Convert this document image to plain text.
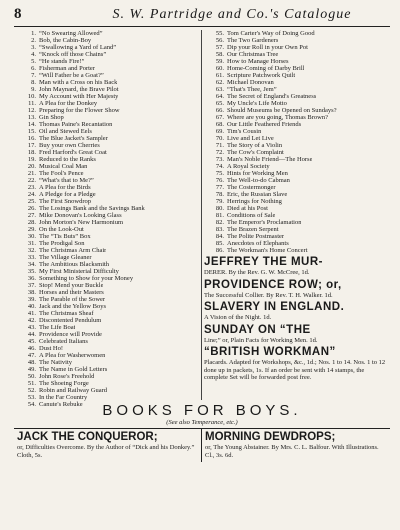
8	S. W. Partridge and Co.'s Catalogue
1. “No Swearing Allowed”
2. Bob, the Cabin-Boy
3. “Swallowing a Yard of Land”
4. “Knock off those Chains”
5. “He stands Fire!”
6. Fisherman and Porter
7. “Will Father be a Goat?”
8. Man with a Cross on his Back
9. John Maynard, the Brave Pilot
10. My Account with Her Majesty
11. A Plea for the Donkey
12. Preparing for the Flower Show
13. Gin Shop
14. Thomas Paine's Recantation
15. Oil and Stewed Eels
16. The Blue Jacket's Sampler
17. Buy your own Cherries
18. Fred Harford's Great Coat
19. Reduced to the Ranks
20. Musical Coal Man
21. The Fool's Pence
22. “What's that to Me?”
23. A Plea for the Birds
24. A Pledge for a Pledge
25. The First Snowdrop
26. The Losings Bank and the Savings Bank
27. Mike Donovan's Looking Glass
28. John Morton's New Harmonium
29. On the Look-Out
30. The “Tis Buts” Box
31. The Prodigal Son
32. The Christmas Arm Chair
33. The Village Gleaner
34. The Ambitious Blacksmith
35. My First Ministerial Difficulty
36. Something to Show for your Money
37. Stop! Mend your Buckle
38. Horses and their Masters
39. The Parable of the Sower
40. Jack and the Yellow Boys
41. The Christmas Sheaf
42. Discontented Pendulum
43. The Life Boat
44. Providence will Provide
45. Celebrated Italians
46. Dust Ho!
47. A Plea for Washerwomen
48. The Nativity
49. The Name in Gold Letters
50. John Rose's Freehold
51. The Shoeing Forge
52. Robin and Railway Guard
53. In the Far Country
54. Canute's Rebuke
55. Tom Carter's Way of Doing Good
56. The Two Gardeners
57. Dip your Roll in your Own Pot
58. Our Christmas Tree
59. How to Manage Horses
60. Home-Coming of Darby Brill
61. Scripture Patchwork Quilt
62. Michael Donovan
63. “That's Thee, Jem”
64. The Secret of England's Greatness
65. My Uncle's Life Motto
66. Should Museums be Opened on Sundays?
67. Where are you going, Thomas Brown?
68. Our Little Feathered Friends
69. Tim's Cousin
70. Live and Let Live
71. The Story of a Violin
72. The Cow's Complaint
73. Man's Noble Friend—The Horse
74. A Royal Society
75. Hints for Working Men
76. The Well-to-do Cabman
77. The Costermonger
78. Eric, the Russian Slave
79. Herrings for Nothing
80. Died at his Post
81. Conditions of Sale
82. The Emperor's Proclamation
83. The Brazen Serpent
84. The Polite Postmaster
85. Anecdotes of Elephants
86. The Workman's Home Concert
JEFFREY THE MUR-
DERER. By the Rev. G. W. McCree, 1d.
PROVIDENCE ROW; or,
The Successful Collier. By Rev. T. H. Walker. 1d.
SLAVERY IN ENGLAND.
A Vision of the Night. 1d.
SUNDAY ON “THE
Line;” or, Plain Facts for Working Men. 1d.
“BRITISH WORKMAN”
Placards. Adapted for Workshops, &c., 1d.; Nos. 1 to 14. Nos. 1 to 12 done up in packets, 1s. If an order be sent with 14 stamps, the complete Set will be forwarded post free.
BOOKS FOR BOYS.
(See also Temperance, etc.)
JACK THE CONQUEROR;
or, Difficulties Overcome. By the Author of “Dick and his Donkey.” Cloth, 5s.
MORNING DEWDROPS;
or, The Young Abstainer. By Mrs. C. L. Balfour. With Illustrations. Cl., 3s. 6d.
